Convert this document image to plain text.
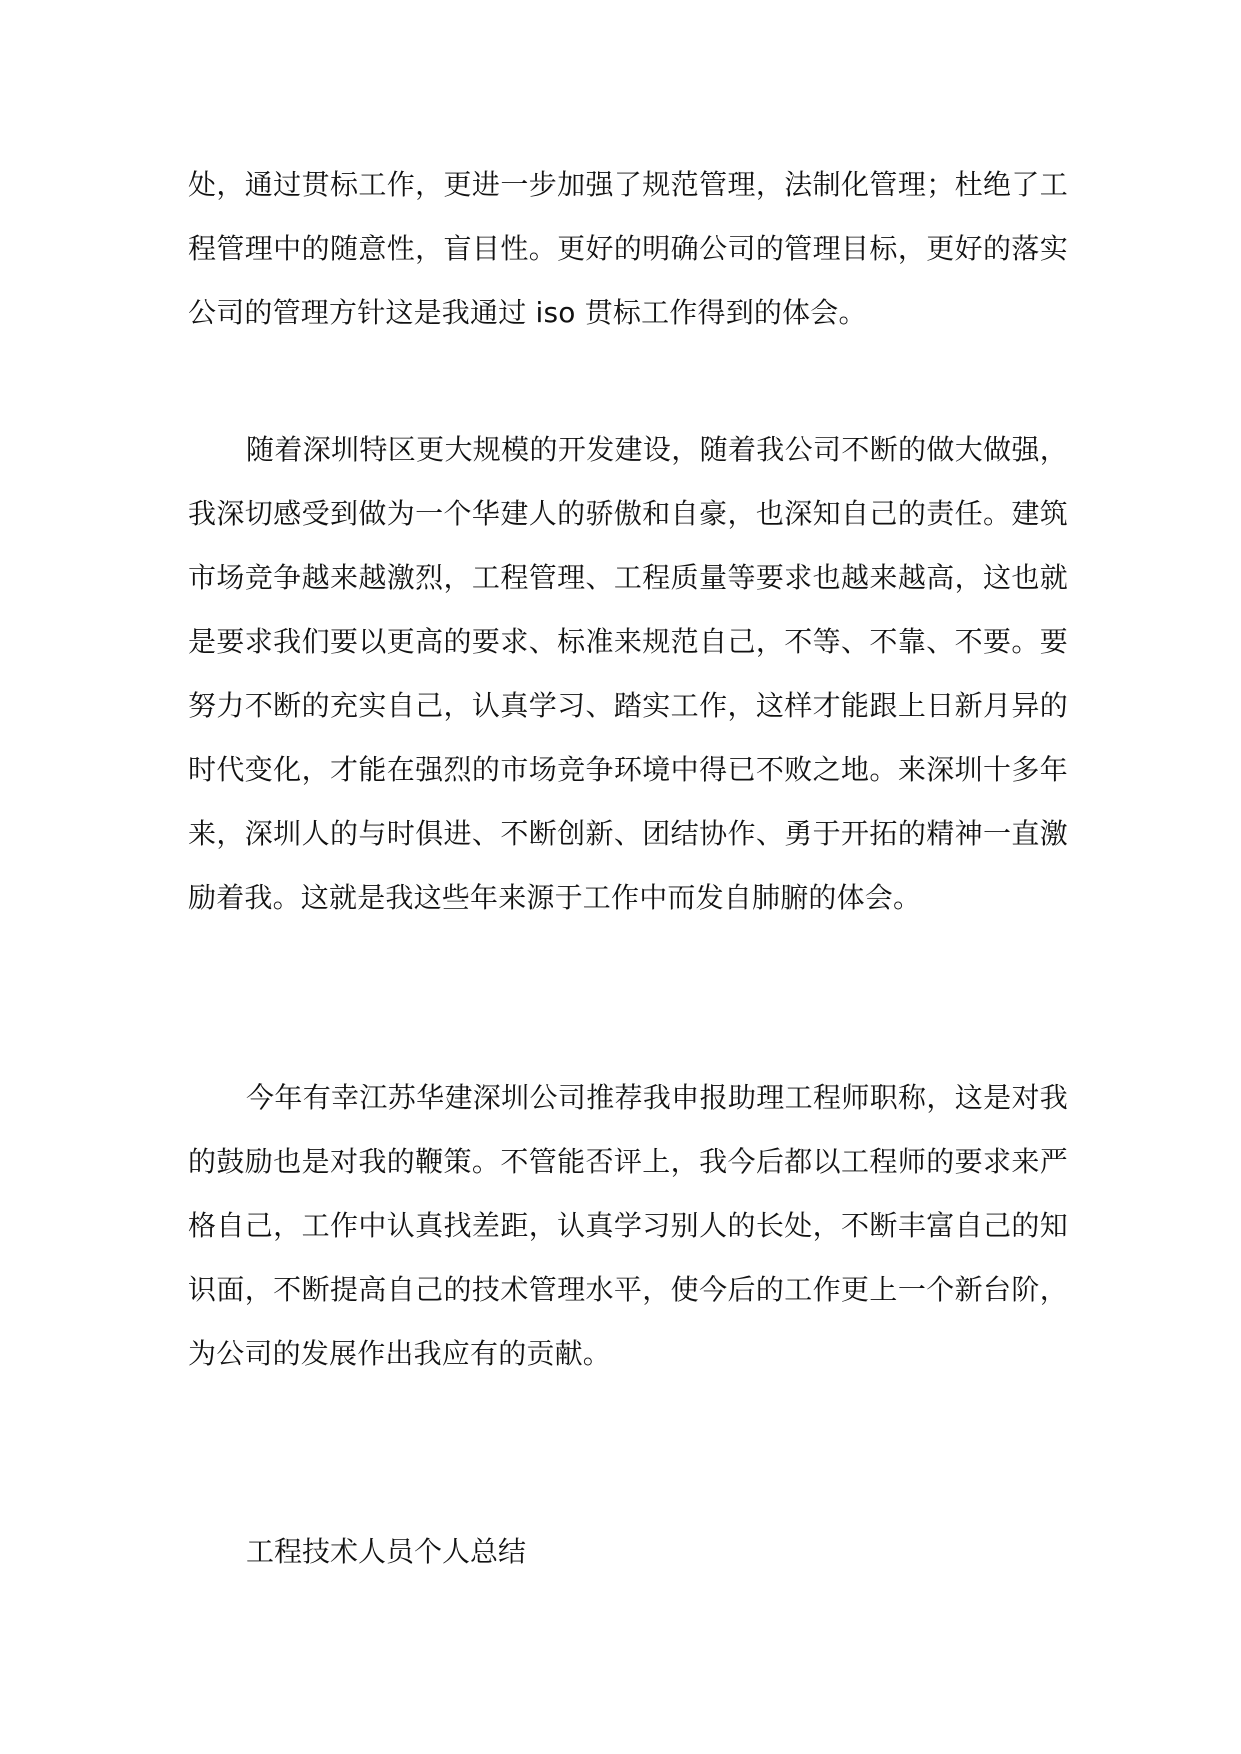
处，通过贯标工作，更进一步加强了规范管理，法制化管理；杜绝了工程管理中的随意性，盲目性。更好的明确公司的管理目标，更好的落实公司的管理方针这是我通过 iso 贯标工作得到的体会。

随着深圳特区更大规模的开发建设，随着我公司不断的做大做强，我深切感受到做为一个华建人的骄傲和自豪，也深知自己的责任。建筑市场竞争越来越激烈，工程管理、工程质量等要求也越来越高，这也就是要求我们要以更高的要求、标准来规范自己，不等、不靠、不要。要努力不断的充实自己，认真学习、踏实工作，这样才能跟上日新月异的时代变化，才能在强烈的市场竞争环境中得已不败之地。来深圳十多年来，深圳人的与时俱进、不断创新、团结协作、勇于开拓的精神一直激励着我。这就是我这些年来源于工作中而发自肺腑的体会。

今年有幸江苏华建深圳公司推荐我申报助理工程师职称，这是对我的鼓励也是对我的鞭策。不管能否评上，我今后都以工程师的要求来严格自己，工作中认真找差距，认真学习别人的长处，不断丰富自己的知识面，不断提高自己的技术管理水平，使今后的工作更上一个新台阶，为公司的发展作出我应有的贡献。

工程技术人员个人总结
